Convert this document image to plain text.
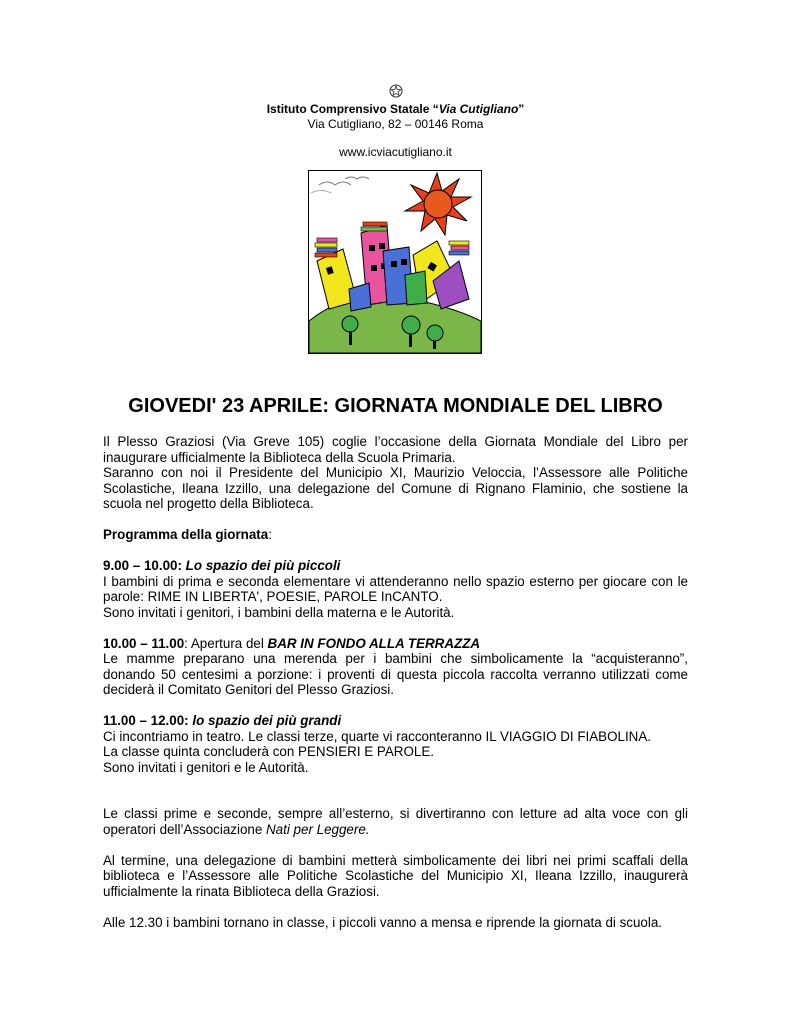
Istituto Comprensivo Statale “Via Cutigliano”
Via Cutigliano, 82 – 00146 Roma
www.icviacutigliano.it
GIOVEDI' 23 APRILE: GIORNATA MONDIALE DEL LIBRO

Il Plesso Graziosi (Via Greve 105) coglie l’occasione della Giornata Mondiale del Libro per inaugurare ufficialmente la Biblioteca della Scuola Primaria.

Saranno con noi il Presidente del Municipio XI, Maurizio Veloccia, l’Assessore alle Politiche Scolastiche, Ileana Izzillo, una delegazione del Comune di Rignano Flaminio, che sostiene la scuola nel progetto della Biblioteca.

Programma della giornata:

9.00 – 10.00: Lo spazio dei più piccoli

I bambini di prima e seconda elementare vi attenderanno nello spazio esterno per giocare con le parole: RIME IN LIBERTA', POESIE, PAROLE InCANTO.

Sono invitati i genitori, i bambini della materna e le Autorità.

10.00 – 11.00: Apertura del BAR IN FONDO ALLA TERRAZZA

Le mamme preparano una merenda per i bambini che simbolicamente la “acquisteranno”, donando 50 centesimi a porzione: i proventi di questa piccola raccolta verranno utilizzati come deciderà il Comitato Genitori del Plesso Graziosi.

11.00 – 12.00: lo spazio dei più grandi

Ci incontriamo in teatro. Le classi terze, quarte vi racconteranno IL VIAGGIO DI FIABOLINA.

La classe quinta concluderà con PENSIERI E PAROLE.

Sono invitati i genitori e le Autorità.

Le classi prime e seconde, sempre all’esterno, si divertiranno con letture ad alta voce con gli operatori dell’Associazione Nati per Leggere.

Al termine, una delegazione di bambini metterà simbolicamente dei libri nei primi scaffali della biblioteca e l’Assessore alle Politiche Scolastiche del Municipio XI, Ileana Izzillo, inaugurerà ufficialmente la rinata Biblioteca della Graziosi.

Alle 12.30 i bambini tornano in classe, i piccoli vanno a mensa e riprende la giornata di scuola.
